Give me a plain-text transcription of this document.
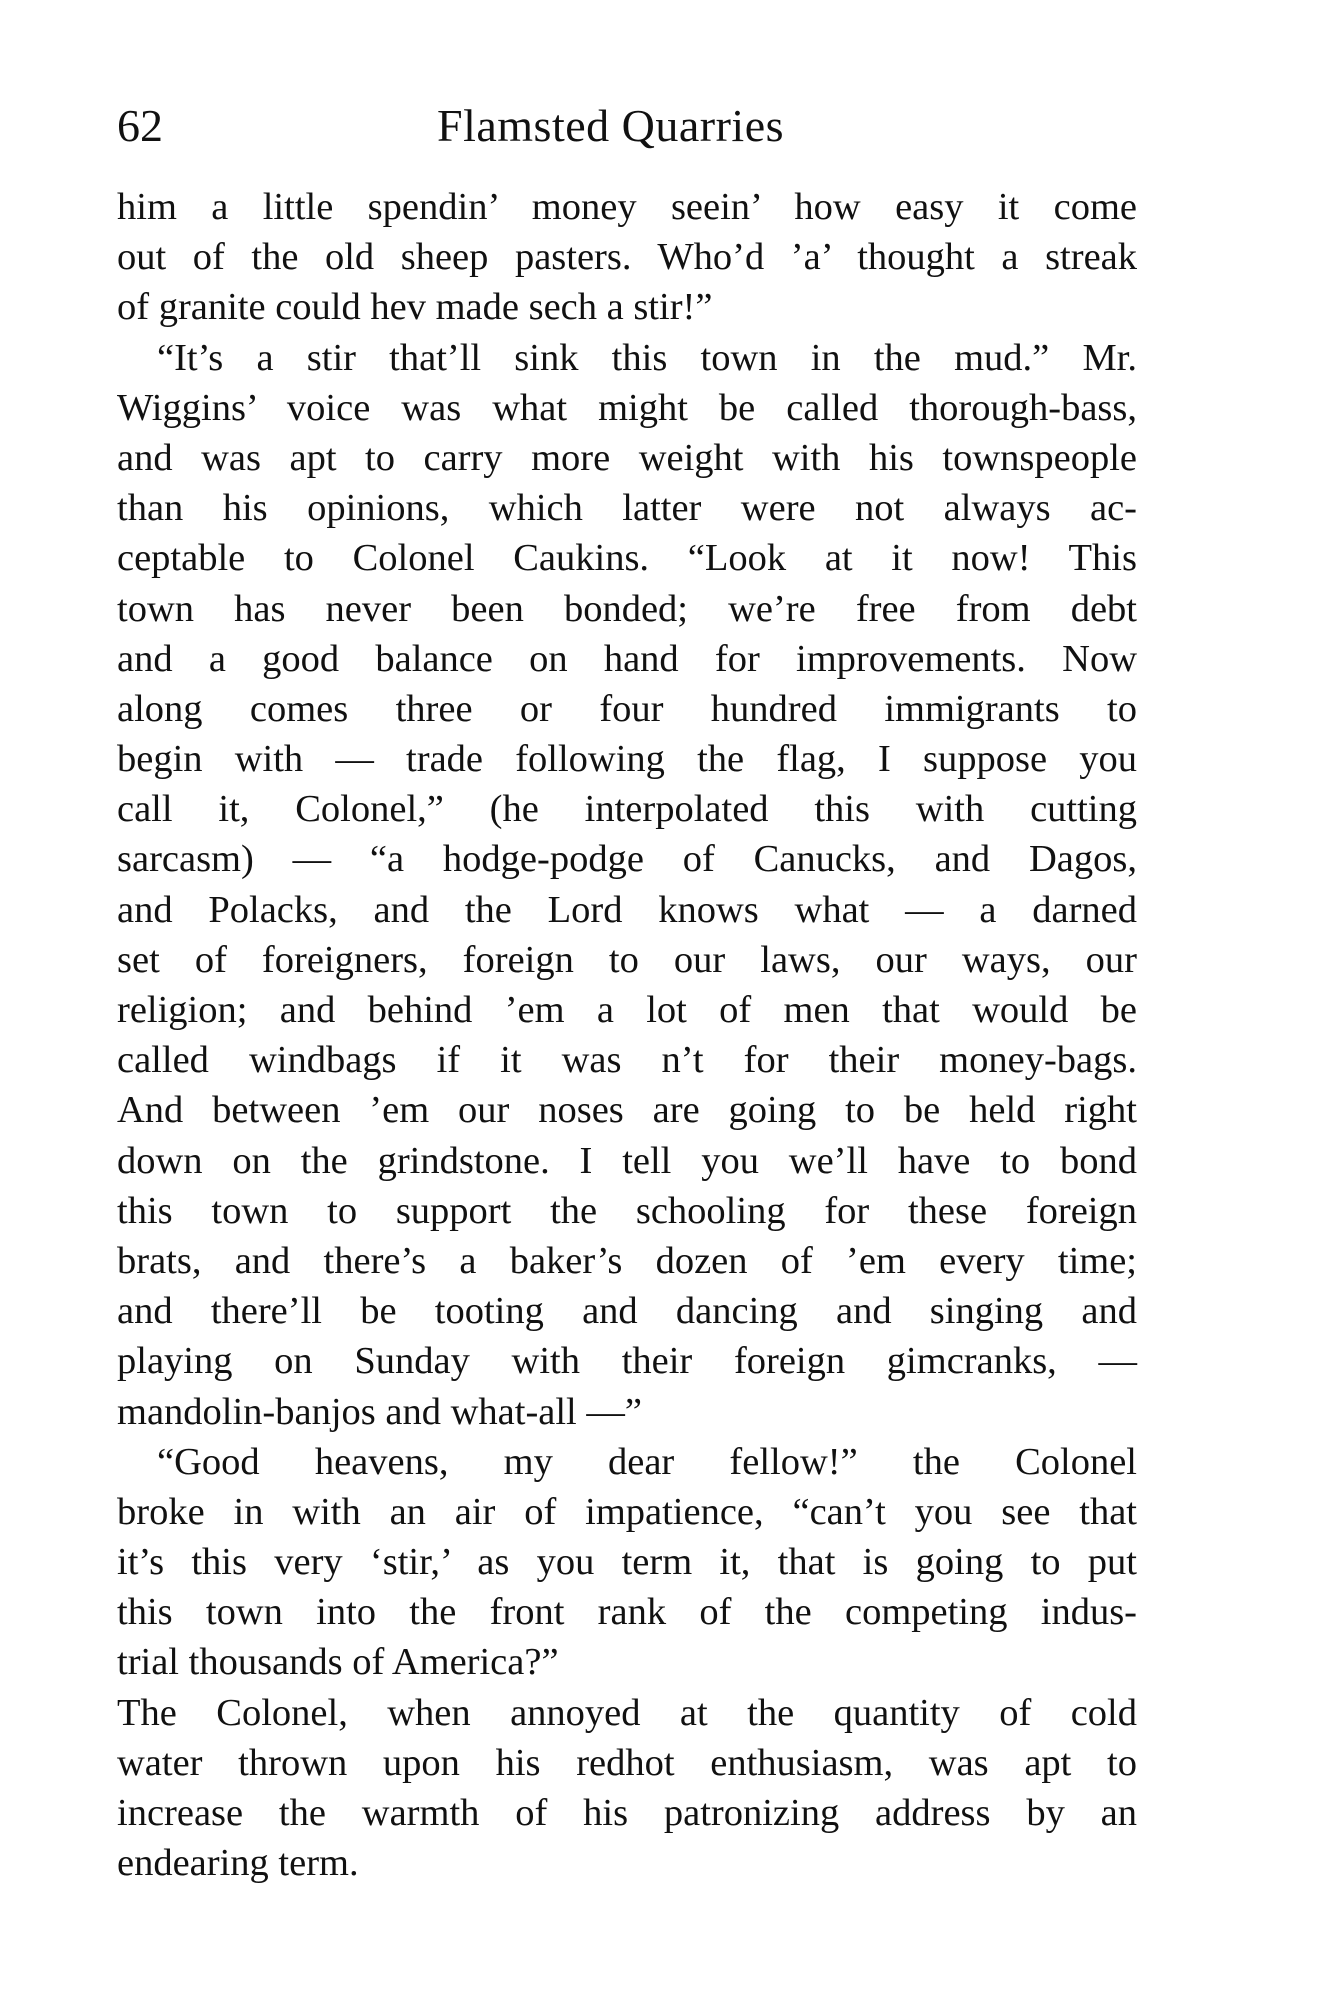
62	Flamsted Quarries
him a little spendin’ money seein’ how easy it come
out of the old sheep pasters. Who’d ’a’ thought a streak
of granite could hev made sech a stir!”
“It’s a stir that’ll sink this town in the mud.” Mr.
Wiggins’ voice was what might be called thorough-bass,
and was apt to carry more weight with his townspeople
than his opinions, which latter were not always ac-
ceptable to Colonel Caukins. “Look at it now! This
town has never been bonded; we’re free from debt
and a good balance on hand for improvements. Now
along comes three or four hundred immigrants to
begin with — trade following the flag, I suppose you
call it, Colonel,” (he interpolated this with cutting
sarcasm) — “a hodge-podge of Canucks, and Dagos,
and Polacks, and the Lord knows what — a darned
set of foreigners, foreign to our laws, our ways, our
religion; and behind ’em a lot of men that would be
called windbags if it was n’t for their money-bags.
And between ’em our noses are going to be held right
down on the grindstone. I tell you we’ll have to bond
this town to support the schooling for these foreign
brats, and there’s a baker’s dozen of ’em every time;
and there’ll be tooting and dancing and singing and
playing on Sunday with their foreign gimcranks, —
mandolin-banjos and what-all —”
“Good heavens, my dear fellow!” the Colonel
broke in with an air of impatience, “can’t you see that
it’s this very ‘stir,’ as you term it, that is going to put
this town into the front rank of the competing indus-
trial thousands of America?”
The Colonel, when annoyed at the quantity of cold
water thrown upon his redhot enthusiasm, was apt to
increase the warmth of his patronizing address by an
endearing term.
